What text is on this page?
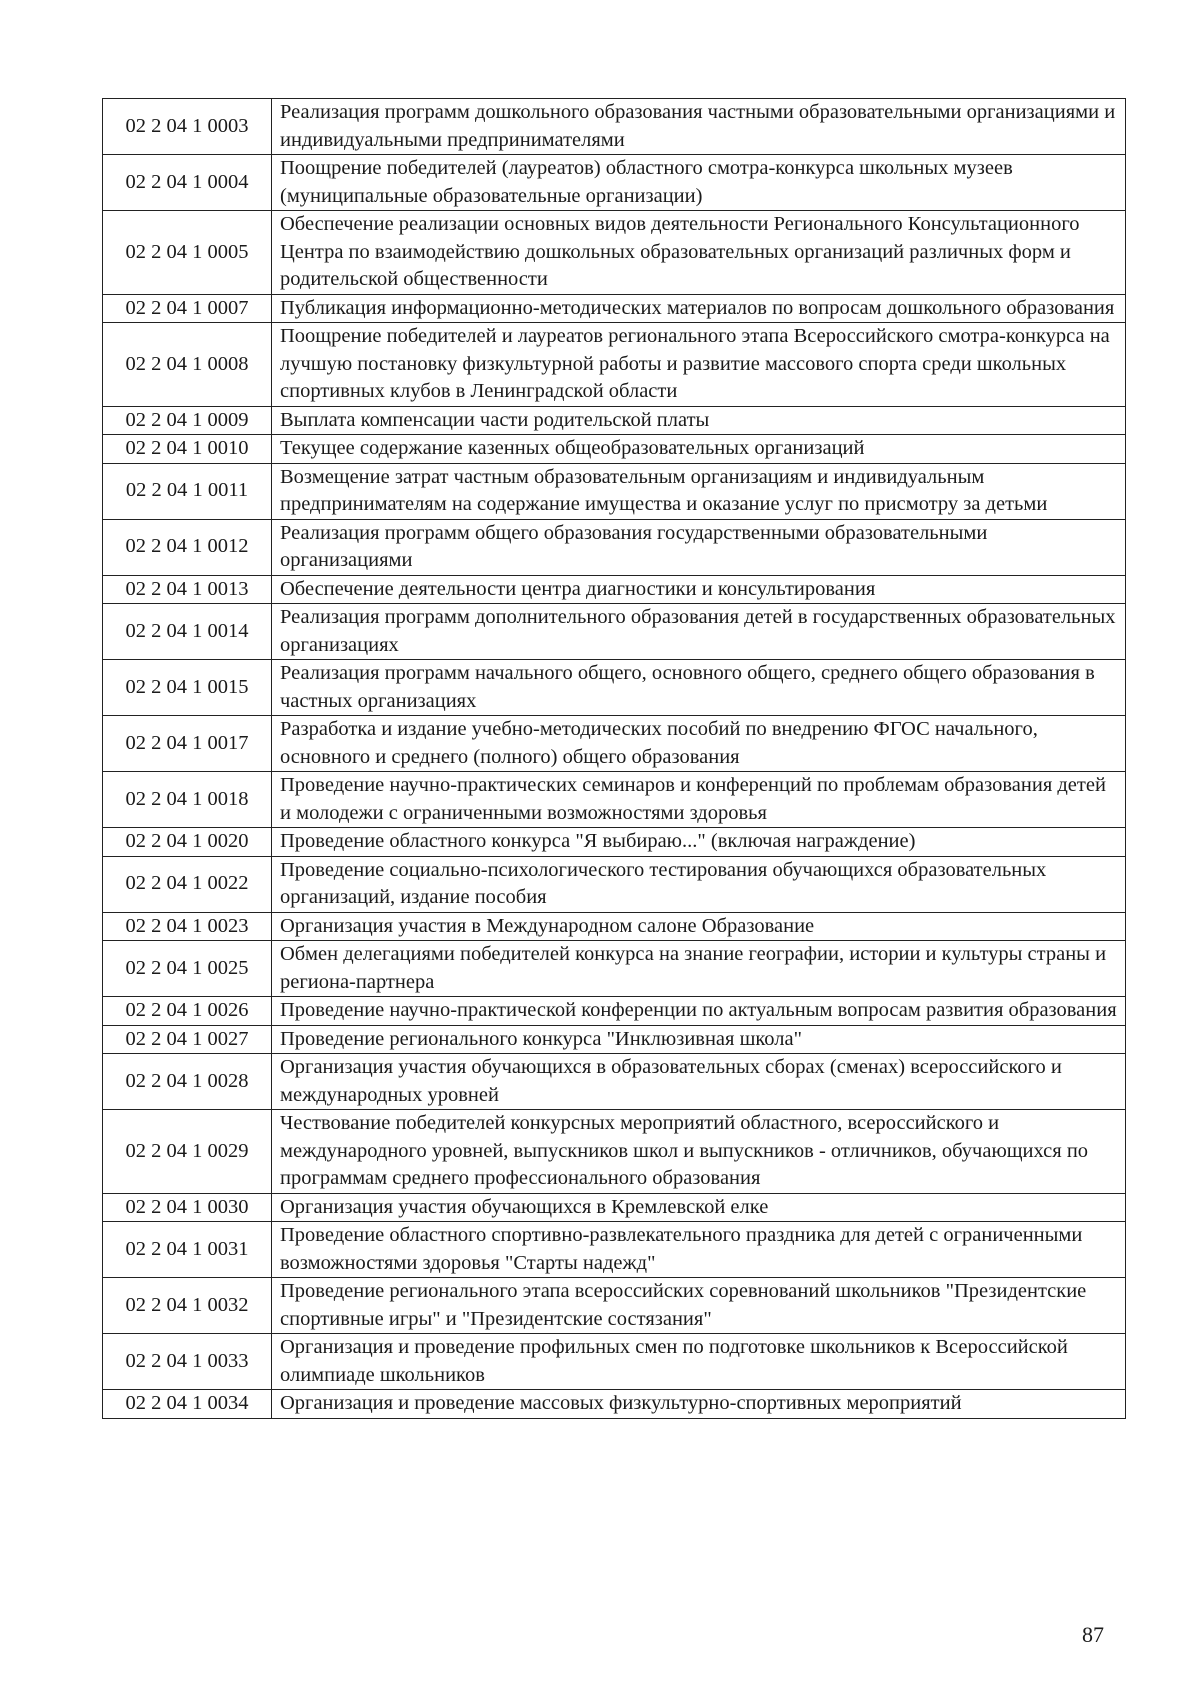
02 2 04 1 0003	Реализация программ дошкольного образования частными образовательными организациями и индивидуальными предпринимателями
02 2 04 1 0004	Поощрение победителей (лауреатов) областного смотра-конкурса школьных музеев (муниципальные образовательные организации)
02 2 04 1 0005	Обеспечение реализации основных видов деятельности Регионального Консультационного Центра по взаимодействию дошкольных образовательных организаций различных форм и родительской общественности
02 2 04 1 0007	Публикация информационно-методических материалов по вопросам дошкольного образования
02 2 04 1 0008	Поощрение победителей и лауреатов регионального этапа Всероссийского смотра-конкурса на лучшую постановку физкультурной работы и развитие массового спорта среди школьных спортивных клубов в Ленинградской области
02 2 04 1 0009	Выплата компенсации части родительской платы
02 2 04 1 0010	Текущее содержание казенных общеобразовательных организаций
02 2 04 1 0011	Возмещение затрат частным образовательным организациям и индивидуальным предпринимателям на содержание имущества и оказание услуг по присмотру за детьми
02 2 04 1 0012	Реализация программ общего образования государственными образовательными организациями
02 2 04 1 0013	Обеспечение деятельности центра диагностики и консультирования
02 2 04 1 0014	Реализация программ дополнительного образования детей в государственных образовательных организациях
02 2 04 1 0015	Реализация программ начального общего, основного общего, среднего общего образования в частных организациях
02 2 04 1 0017	Разработка и издание учебно-методических пособий по внедрению ФГОС начального, основного и среднего (полного) общего образования
02 2 04 1 0018	Проведение научно-практических семинаров и конференций по проблемам образования детей и молодежи с ограниченными возможностями здоровья
02 2 04 1 0020	Проведение областного конкурса "Я выбираю..." (включая награждение)
02 2 04 1 0022	Проведение социально-психологического тестирования обучающихся образовательных организаций, издание пособия
02 2 04 1 0023	Организация участия в Международном салоне Образование
02 2 04 1 0025	Обмен делегациями победителей конкурса на знание географии, истории и культуры страны и региона-партнера
02 2 04 1 0026	Проведение научно-практической конференции по актуальным вопросам развития образования
02 2 04 1 0027	Проведение регионального конкурса "Инклюзивная школа"
02 2 04 1 0028	Организация участия обучающихся в образовательных сборах (сменах) всероссийского и международных уровней
02 2 04 1 0029	Чествование победителей конкурсных мероприятий областного, всероссийского и международного уровней, выпускников школ и выпускников - отличников, обучающихся по программам среднего профессионального образования
02 2 04 1 0030	Организация участия обучающихся в Кремлевской елке
02 2 04 1 0031	Проведение областного спортивно-развлекательного праздника для детей с ограниченными возможностями здоровья "Старты надежд"
02 2 04 1 0032	Проведение регионального этапа всероссийских соревнований школьников "Президентские спортивные игры" и "Президентские состязания"
02 2 04 1 0033	Организация и проведение профильных смен по подготовке школьников к Всероссийской олимпиаде школьников
02 2 04 1 0034	Организация и проведение массовых физкультурно-спортивных мероприятий
87
